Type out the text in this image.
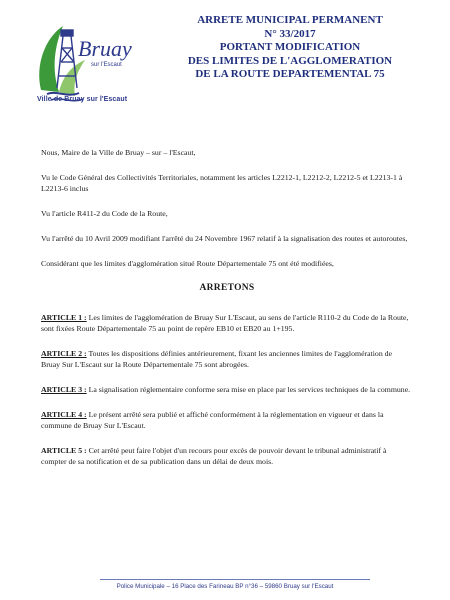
Bruay
sur l'Escaut
Ville de Bruay sur l'Escaut
ARRETE MUNICIPAL PERMANENT
N° 33/2017
PORTANT MODIFICATION
DES LIMITES DE L'AGGLOMERATION
DE LA ROUTE DEPARTEMENTAL 75

Nous, Maire de la Ville de Bruay – sur – l'Escaut,

Vu le Code Général des Collectivités Territoriales, notamment les articles L2212-1, L2212-2, L2212-5 et L2213-1 à L2213-6 inclus

Vu l'article R411-2 du Code de la Route,

Vu l'arrêté du 10 Avril 2009 modifiant l'arrêté du 24 Novembre 1967 relatif à la signalisation des routes et autoroutes,

Considérant que les limites d'agglomération situé Route Départementale 75 ont été modifiées,

ARRETONS

ARTICLE 1 : Les limites de l'agglomération de Bruay Sur L'Escaut, au sens de l'article R110-2 du Code de la Route, sont fixées Route Départementale 75 au point de repère EB10 et EB20 au 1+195.

ARTICLE 2 : Toutes les dispositions définies antérieurement, fixant les anciennes limites de l'agglomération de Bruay Sur L'Escaut sur la Route Départementale 75 sont abrogées.

ARTICLE 3 : La signalisation réglementaire conforme sera mise en place par les services techniques de la commune.

ARTICLE 4 : Le présent arrêté sera publié et affiché conformément à la réglementation en vigueur et dans la commune de Bruay Sur L'Escaut.

ARTICLE 5 : Cet arrêté peut faire l'objet d'un recours pour excès de pouvoir devant le tribunal administratif à compter de sa notification et de sa publication dans un délai de deux mois.

Police Municipale – 16 Place des Farineau BP n°36 – 59860 Bruay sur l'Escaut
